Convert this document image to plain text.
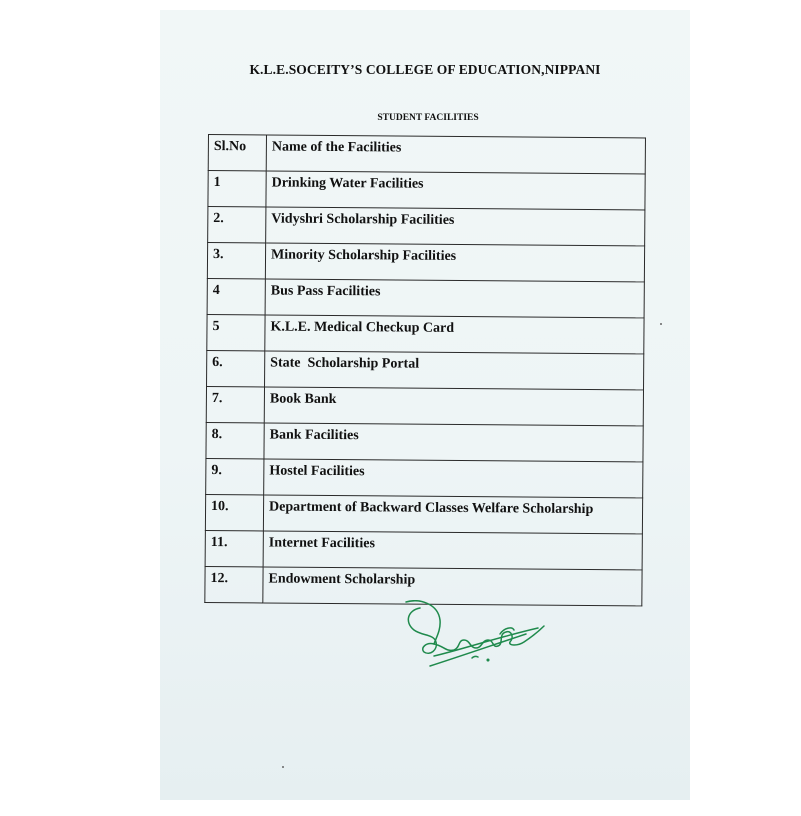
K.L.E.SOCEITY’S COLLEGE OF EDUCATION,NIPPANI
STUDENT FACILITIES
Sl.No	Name of the Facilities
1	Drinking Water Facilities
2.	Vidyshri Scholarship Facilities
3.	Minority Scholarship Facilities
4	Bus Pass Facilities
5	K.L.E. Medical Checkup Card
6.	State  Scholarship Portal
7.	Book Bank
8.	Bank Facilities
9.	Hostel Facilities
10.	Department of Backward Classes Welfare Scholarship
11.	Internet Facilities
12.	Endowment Scholarship
